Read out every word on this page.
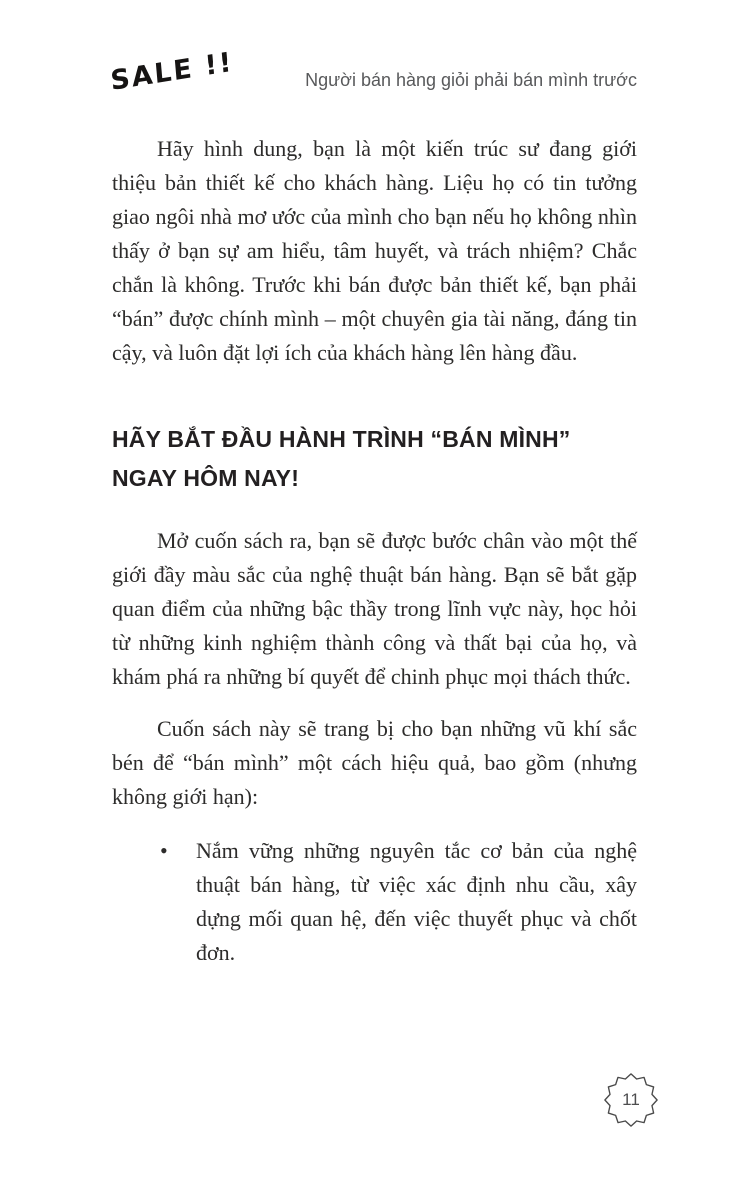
SALE !!	Người bán hàng giỏi phải bán mình trước

Hãy hình dung, bạn là một kiến trúc sư đang giới thiệu bản thiết kế cho khách hàng. Liệu họ có tin tưởng giao ngôi nhà mơ ước của mình cho bạn nếu họ không nhìn thấy ở bạn sự am hiểu, tâm huyết, và trách nhiệm? Chắc chắn là không. Trước khi bán được bản thiết kế, bạn phải “bán” được chính mình – một chuyên gia tài năng, đáng tin cậy, và luôn đặt lợi ích của khách hàng lên hàng đầu.

HÃY BẮT ĐẦU HÀNH TRÌNH “BÁN MÌNH” NGAY HÔM NAY!

Mở cuốn sách ra, bạn sẽ được bước chân vào một thế giới đầy màu sắc của nghệ thuật bán hàng. Bạn sẽ bắt gặp quan điểm của những bậc thầy trong lĩnh vực này, học hỏi từ những kinh nghiệm thành công và thất bại của họ, và khám phá ra những bí quyết để chinh phục mọi thách thức.

Cuốn sách này sẽ trang bị cho bạn những vũ khí sắc bén để “bán mình” một cách hiệu quả, bao gồm (nhưng không giới hạn):

• Nắm vững những nguyên tắc cơ bản của nghệ thuật bán hàng, từ việc xác định nhu cầu, xây dựng mối quan hệ, đến việc thuyết phục và chốt đơn.
11
